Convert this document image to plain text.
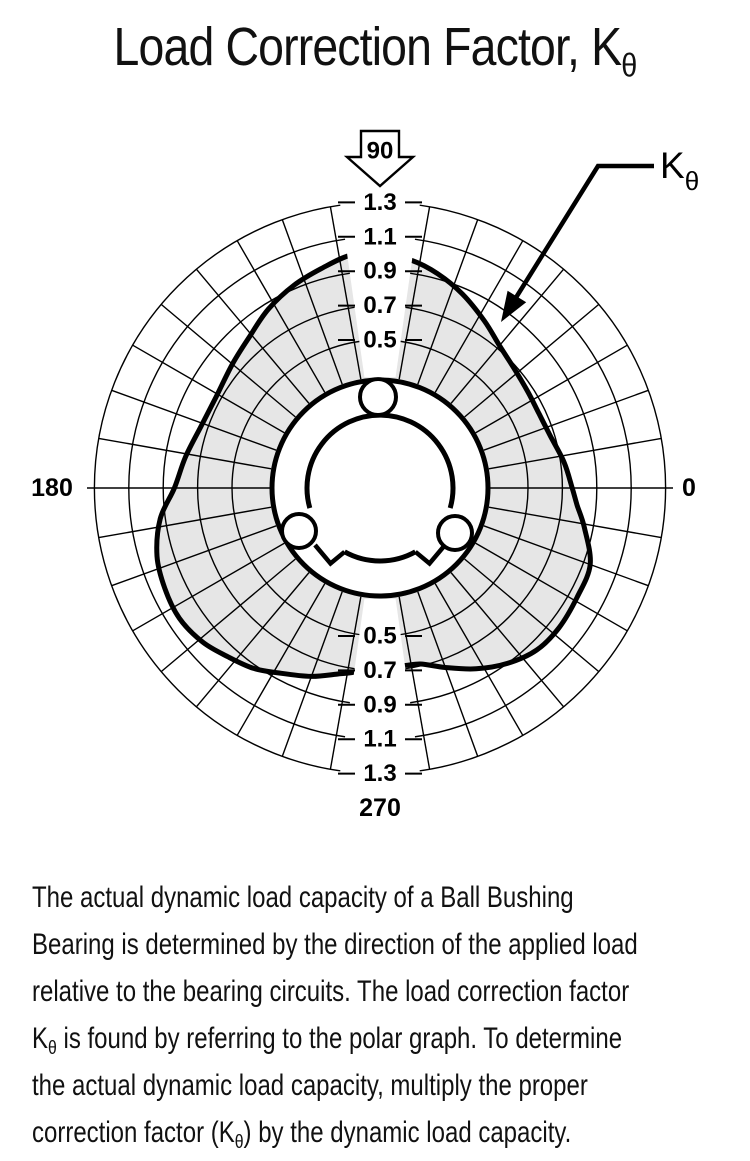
Load Correction Factor, $K_\theta$
1.3
1.3
1.1
1.1
0.9
0.9
0.7
0.7
0.5
0.5
90
180	0
270
$K_\theta$
The actual dynamic load capacity of a Ball Bushing
Bearing is determined by the direction of the applied load
relative to the bearing circuits. The load correction factor
$K_\theta$ is found by referring to the polar graph. To determine
the actual dynamic load capacity, multiply the proper
correction factor $(K_\theta)$ by the dynamic load capacity.
